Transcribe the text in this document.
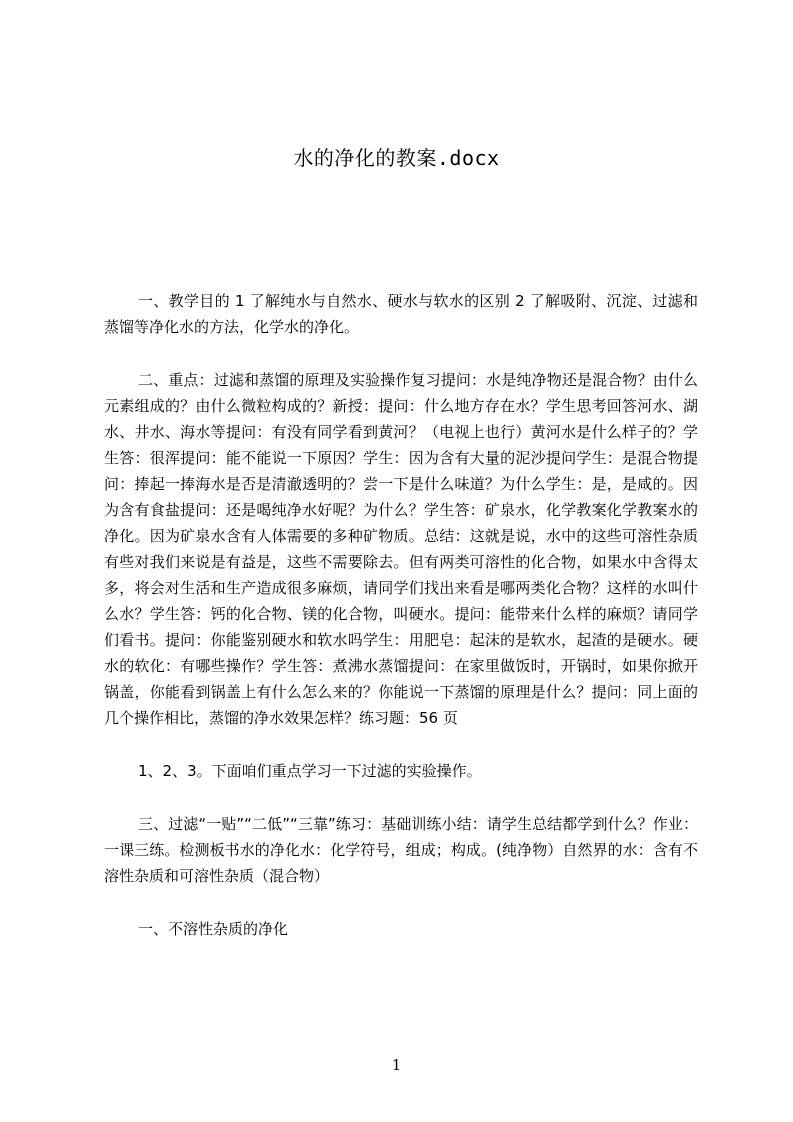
水的净化的教案.docx

一、教学目的 1 了解纯水与自然水、硬水与软水的区别 2 了解吸附、沉淀、过滤和蒸馏等净化水的方法，化学水的净化。

二、重点：过滤和蒸馏的原理及实验操作复习提问：水是纯净物还是混合物？由什么元素组成的？由什么微粒构成的？新授：提问：什么地方存在水？学生思考回答河水、湖水、井水、海水等提问：有没有同学看到黄河？（电视上也行）黄河水是什么样子的？学生答：很浑提问：能不能说一下原因？学生：因为含有大量的泥沙提问学生：是混合物提问：捧起一捧海水是否是清澈透明的？尝一下是什么味道？为什么学生：是，是咸的。因为含有食盐提问：还是喝纯净水好呢？为什么？学生答：矿泉水，化学教案化学教案水的净化。因为矿泉水含有人体需要的多种矿物质。总结：这就是说，水中的这些可溶性杂质有些对我们来说是有益是，这些不需要除去。但有两类可溶性的化合物，如果水中含得太多，将会对生活和生产造成很多麻烦，请同学们找出来看是哪两类化合物？这样的水叫什么水？学生答：钙的化合物、镁的化合物，叫硬水。提问：能带来什么样的麻烦？请同学们看书。提问：你能鉴别硬水和软水吗学生：用肥皂：起沫的是软水，起渣的是硬水。硬水的软化：有哪些操作？学生答：煮沸水蒸馏提问：在家里做饭时，开锅时，如果你掀开锅盖，你能看到锅盖上有什么怎么来的？你能说一下蒸馏的原理是什么？提问：同上面的几个操作相比，蒸馏的净水效果怎样？练习题：56 页

1、2、3。下面咱们重点学习一下过滤的实验操作。

三、过滤“一贴”“二低”“三靠”练习：基础训练小结：请学生总结都学到什么？作业：一课三练。检测板书水的净化水：化学符号，组成；构成。(纯净物）自然界的水：含有不溶性杂质和可溶性杂质（混合物）

一、不溶性杂质的净化

1
